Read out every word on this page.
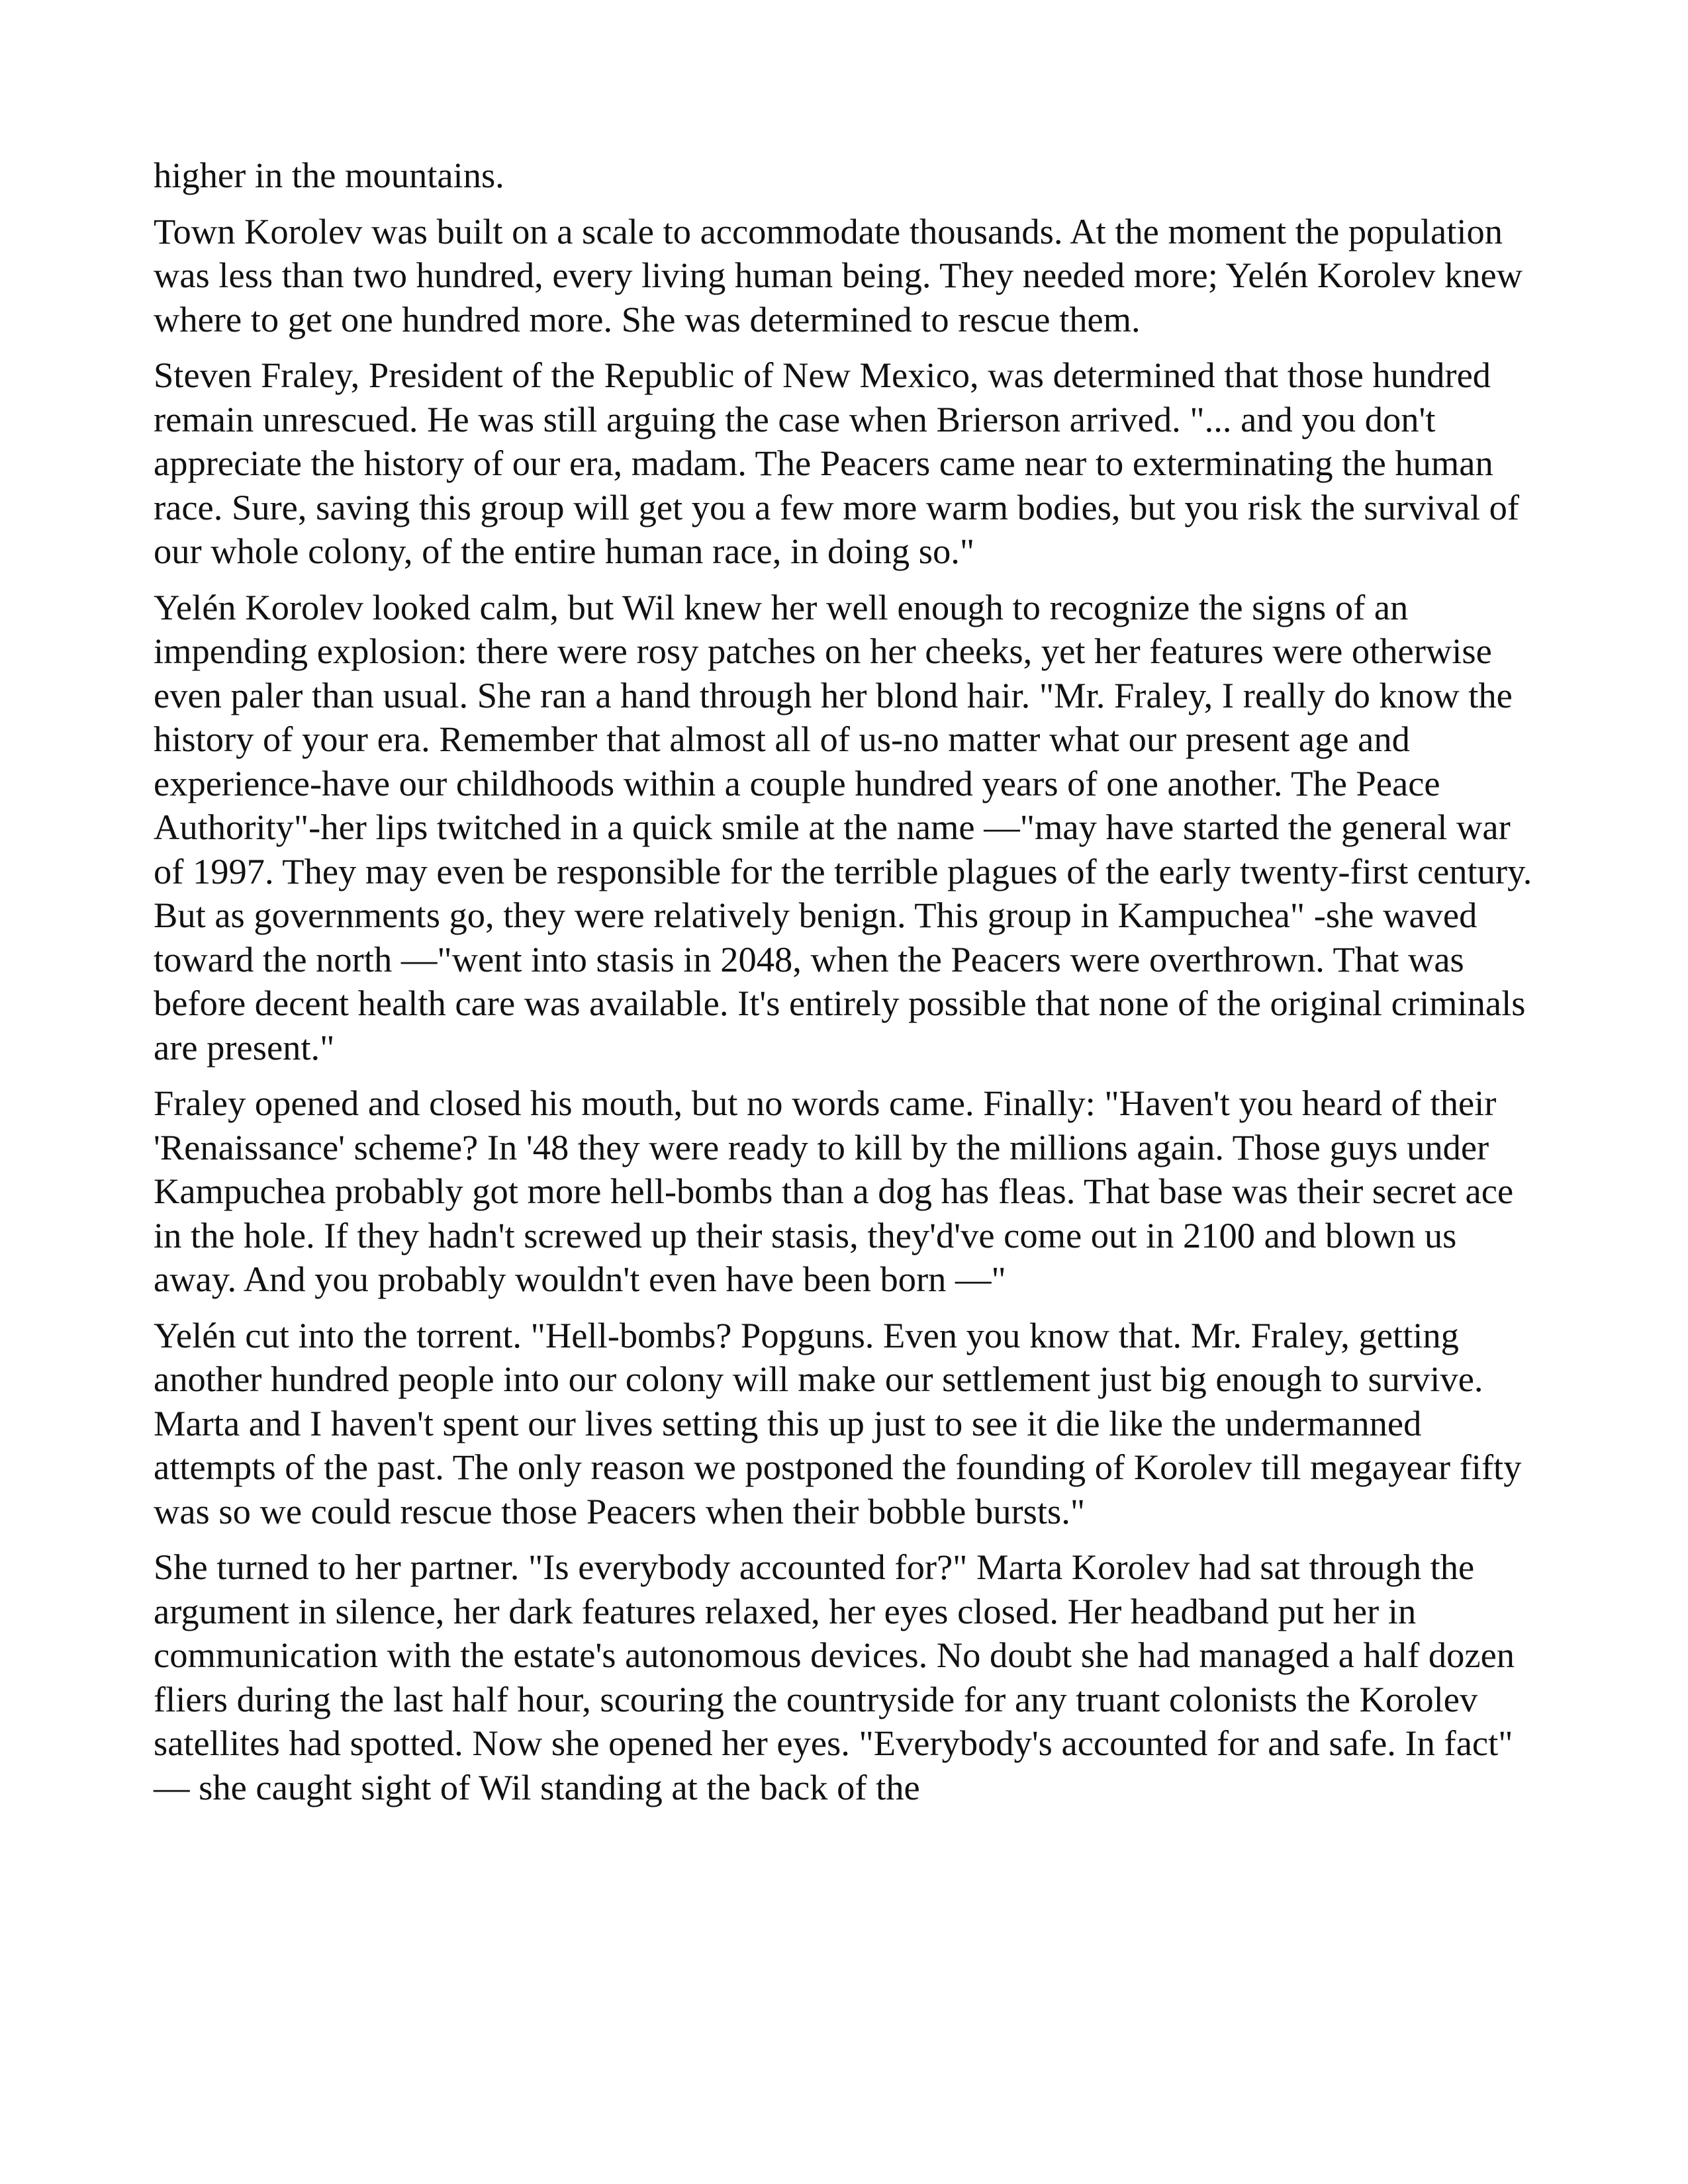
higher in the mountains.

Town Korolev was built on a scale to accommodate thousands. At the moment the population was less than two hundred, every living human being. They needed more; Yelén Korolev knew where to get one hundred more. She was determined to rescue them.

Steven Fraley, President of the Republic of New Mexico, was determined that those hundred remain unrescued. He was still arguing the case when Brierson arrived. "... and you don't appreciate the history of our era, madam. The Peacers came near to exterminating the human race. Sure, saving this group will get you a few more warm bodies, but you risk the survival of our whole colony, of the entire human race, in doing so."

Yelén Korolev looked calm, but Wil knew her well enough to recognize the signs of an impending explosion: there were rosy patches on her cheeks, yet her features were otherwise even paler than usual. She ran a hand through her blond hair. "Mr. Fraley, I really do know the history of your era. Remember that almost all of us-no matter what our present age and experience-have our childhoods within a couple hundred years of one another. The Peace Authority"-her lips twitched in a quick smile at the name —"may have started the general war of 1997. They may even be responsible for the terrible plagues of the early twenty-first century. But as governments go, they were relatively benign. This group in Kampuchea" -she waved toward the north —"went into stasis in 2048, when the Peacers were overthrown. That was before decent health care was available. It's entirely possible that none of the original criminals are present."

Fraley opened and closed his mouth, but no words came. Finally: "Haven't you heard of their 'Renaissance' scheme? In '48 they were ready to kill by the millions again. Those guys under Kampuchea probably got more hell-bombs than a dog has fleas. That base was their secret ace in the hole. If they hadn't screwed up their stasis, they'd've come out in 2100 and blown us away. And you probably wouldn't even have been born —"

Yelén cut into the torrent. "Hell-bombs? Popguns. Even you know that. Mr. Fraley, getting another hundred people into our colony will make our settlement just big enough to survive. Marta and I haven't spent our lives setting this up just to see it die like the undermanned attempts of the past. The only reason we postponed the founding of Korolev till megayear fifty was so we could rescue those Peacers when their bobble bursts."

She turned to her partner. "Is everybody accounted for?" Marta Korolev had sat through the argument in silence, her dark features relaxed, her eyes closed. Her headband put her in communication with the estate's autonomous devices. No doubt she had managed a half dozen fliers during the last half hour, scouring the countryside for any truant colonists the Korolev satellites had spotted. Now she opened her eyes. "Everybody's accounted for and safe. In fact" — she caught sight of Wil standing at the back of the
